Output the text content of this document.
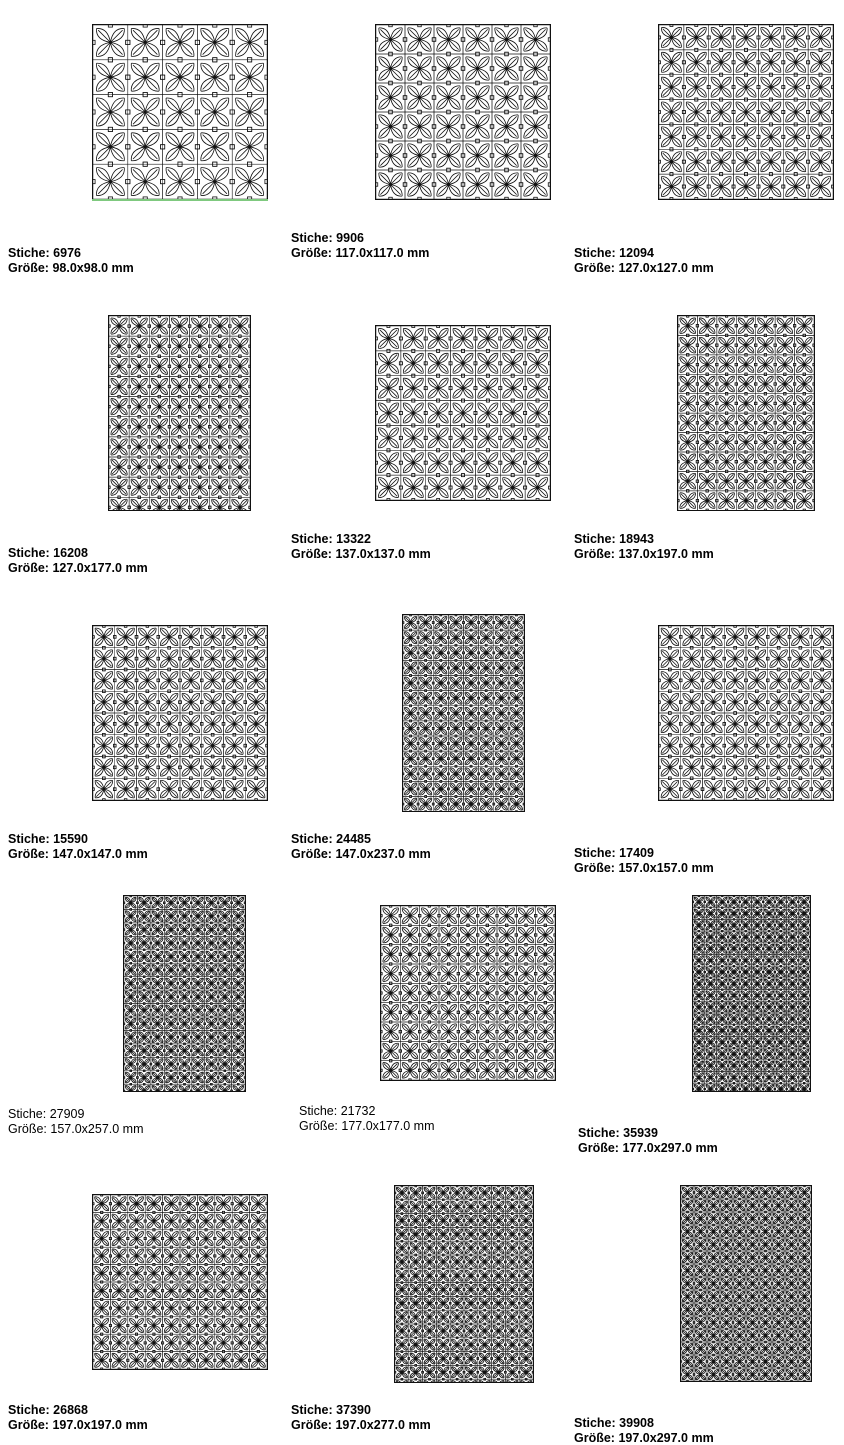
Stiche: 6976
Größe: 98.0x98.0 mm
Stiche: 9906
Größe: 117.0x117.0 mm	Stiche: 12094
Größe: 127.0x127.0 mm
Stiche: 16208
Größe: 127.0x177.0 mm
Stiche: 13322
Größe: 137.0x137.0 mm
Stiche: 18943
Größe: 137.0x197.0 mm
Stiche: 15590
Größe: 147.0x147.0 mm
Stiche: 24485
Größe: 147.0x237.0 mm	Stiche: 17409
Größe: 157.0x157.0 mm
Stiche: 27909
Größe: 157.0x257.0 mm
Stiche: 21732
Größe: 177.0x177.0 mm
Stiche: 35939
Größe: 177.0x297.0 mm
Stiche: 26868
Größe: 197.0x197.0 mm
Stiche: 37390
Größe: 197.0x277.0 mm	Stiche: 39908
Größe: 197.0x297.0 mm
